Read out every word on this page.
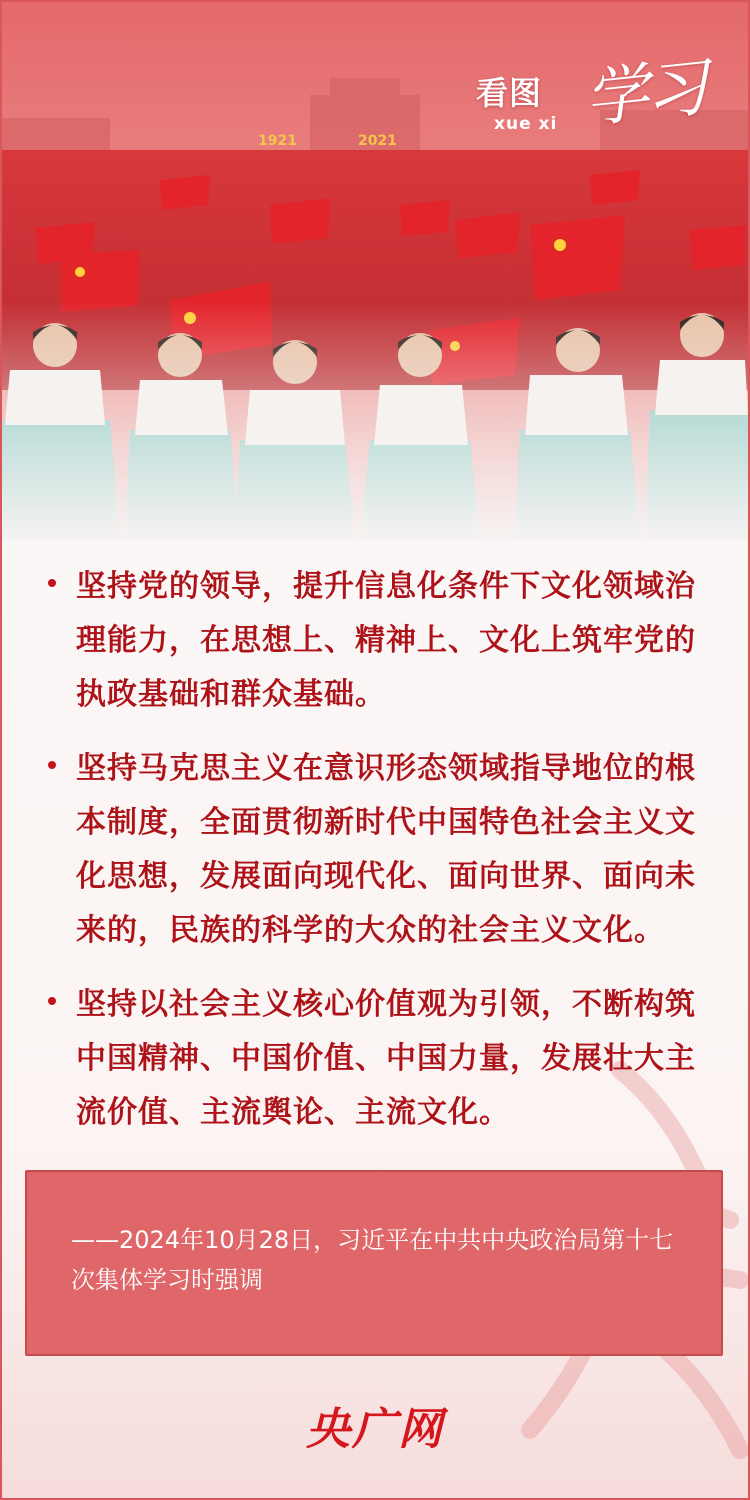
1921	2021
看图
xue xi 学习
坚持党的领导，提升信息化条件下文化领域治理能力，在思想上、精神上、文化上筑牢党的执政基础和群众基础。
坚持马克思主义在意识形态领域指导地位的根本制度，全面贯彻新时代中国特色社会主义文化思想，发展面向现代化、面向世界、面向未来的，民族的科学的大众的社会主义文化。
坚持以社会主义核心价值观为引领，不断构筑中国精神、中国价值、中国力量，发展壮大主流价值、主流舆论、主流文化。
——2024年10月28日，习近平在中共中央政治局第十七次集体学习时强调
央广网
